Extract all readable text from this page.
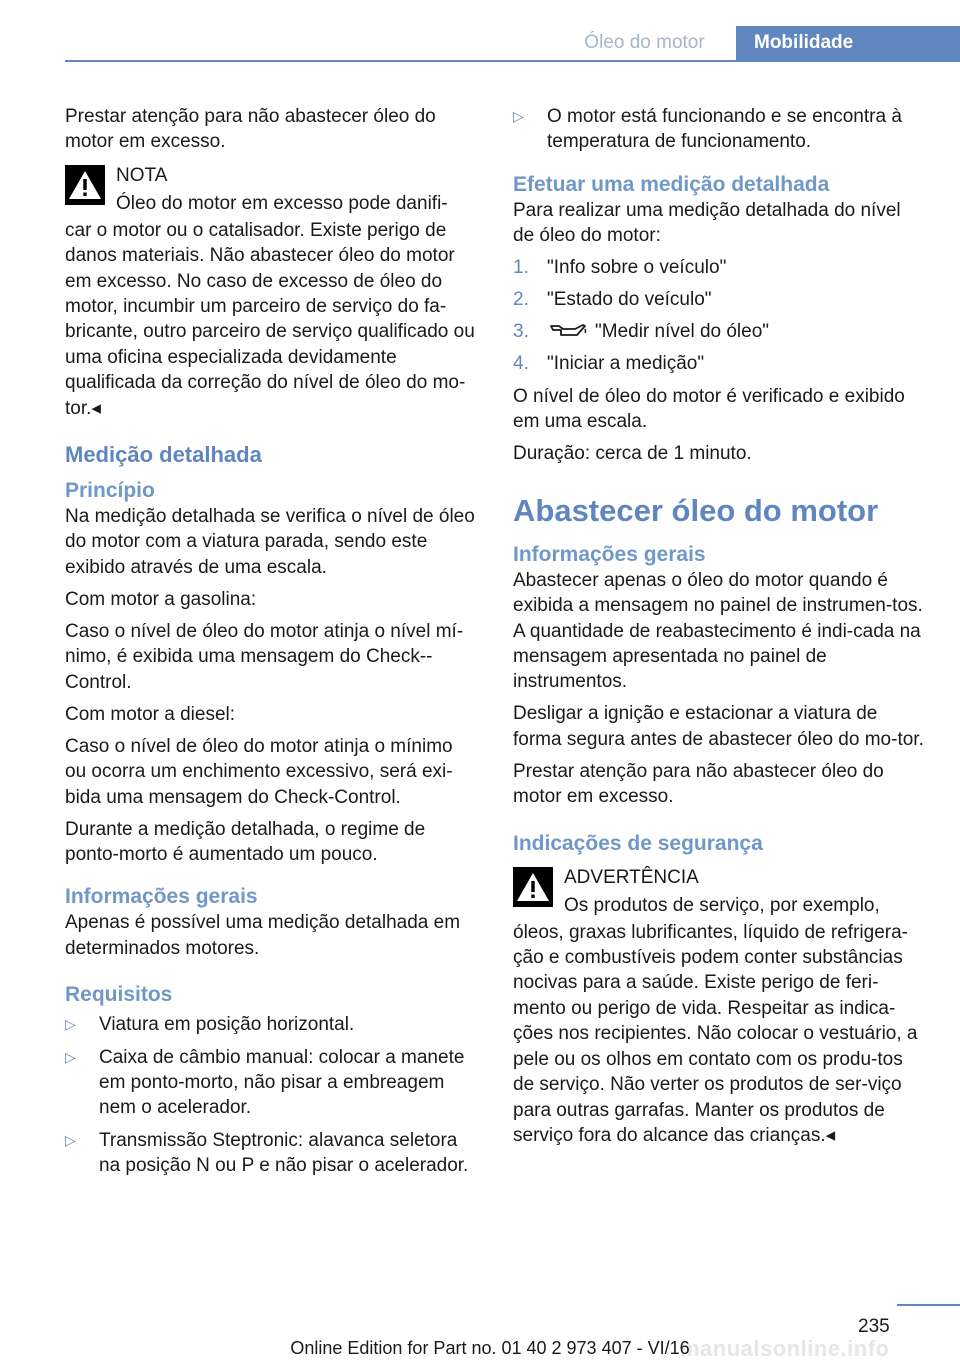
Óleo do motor	Mobilidade
Prestar atenção para não abastecer óleo do motor em excesso.
NOTA
Óleo do motor em excesso pode danifi-
car o motor ou o catalisador. Existe perigo de danos materiais. Não abastecer óleo do motor em excesso. No caso de excesso de óleo do motor, incumbir um parceiro de serviço do fa-bricante, outro parceiro de serviço qualificado ou uma oficina especializada devidamente qualificada da correção do nível de óleo do mo-tor.◂
Medição detalhada
Princípio
Na medição detalhada se verifica o nível de óleo do motor com a viatura parada, sendo este exibido através de uma escala.
Com motor a gasolina:
Caso o nível de óleo do motor atinja o nível mí-nimo, é exibida uma mensagem do Check--Control.
Com motor a diesel:
Caso o nível de óleo do motor atinja o mínimo ou ocorra um enchimento excessivo, será exi-bida uma mensagem do Check-Control.
Durante a medição detalhada, o regime de ponto-morto é aumentado um pouco.
Informações gerais
Apenas é possível uma medição detalhada em determinados motores.
Requisitos
▷ Viatura em posição horizontal.
▷ Caixa de câmbio manual: colocar a manete em ponto-morto, não pisar a embreagem nem o acelerador.
▷ Transmissão Steptronic: alavanca seletora na posição N ou P e não pisar o acelerador.
▷ O motor está funcionando e se encontra à temperatura de funcionamento.
Efetuar uma medição detalhada
Para realizar uma medição detalhada do nível de óleo do motor:
1. "Info sobre o veículo"
2. "Estado do veículo"
3.	"Medir nível do óleo"
4. "Iniciar a medição"
O nível de óleo do motor é verificado e exibido em uma escala.
Duração: cerca de 1 minuto.
Abastecer óleo do motor
Informações gerais
Abastecer apenas o óleo do motor quando é exibida a mensagem no painel de instrumen-tos. A quantidade de reabastecimento é indi-cada na mensagem apresentada no painel de instrumentos.
Desligar a ignição e estacionar a viatura de forma segura antes de abastecer óleo do mo-tor.
Prestar atenção para não abastecer óleo do motor em excesso.
Indicações de segurança
ADVERTÊNCIA
Os produtos de serviço, por exemplo,
óleos, graxas lubrificantes, líquido de refrigera-ção e combustíveis podem conter substâncias nocivas para a saúde. Existe perigo de feri-mento ou perigo de vida. Respeitar as indica-ções nos recipientes. Não colocar o vestuário, a pele ou os olhos em contato com os produ-tos de serviço. Não verter os produtos de ser-viço para outras garrafas. Manter os produtos de serviço fora do alcance das crianças.◂
235
manualsonline.info
Online Edition for Part no. 01 40 2 973 407 - VI/16
